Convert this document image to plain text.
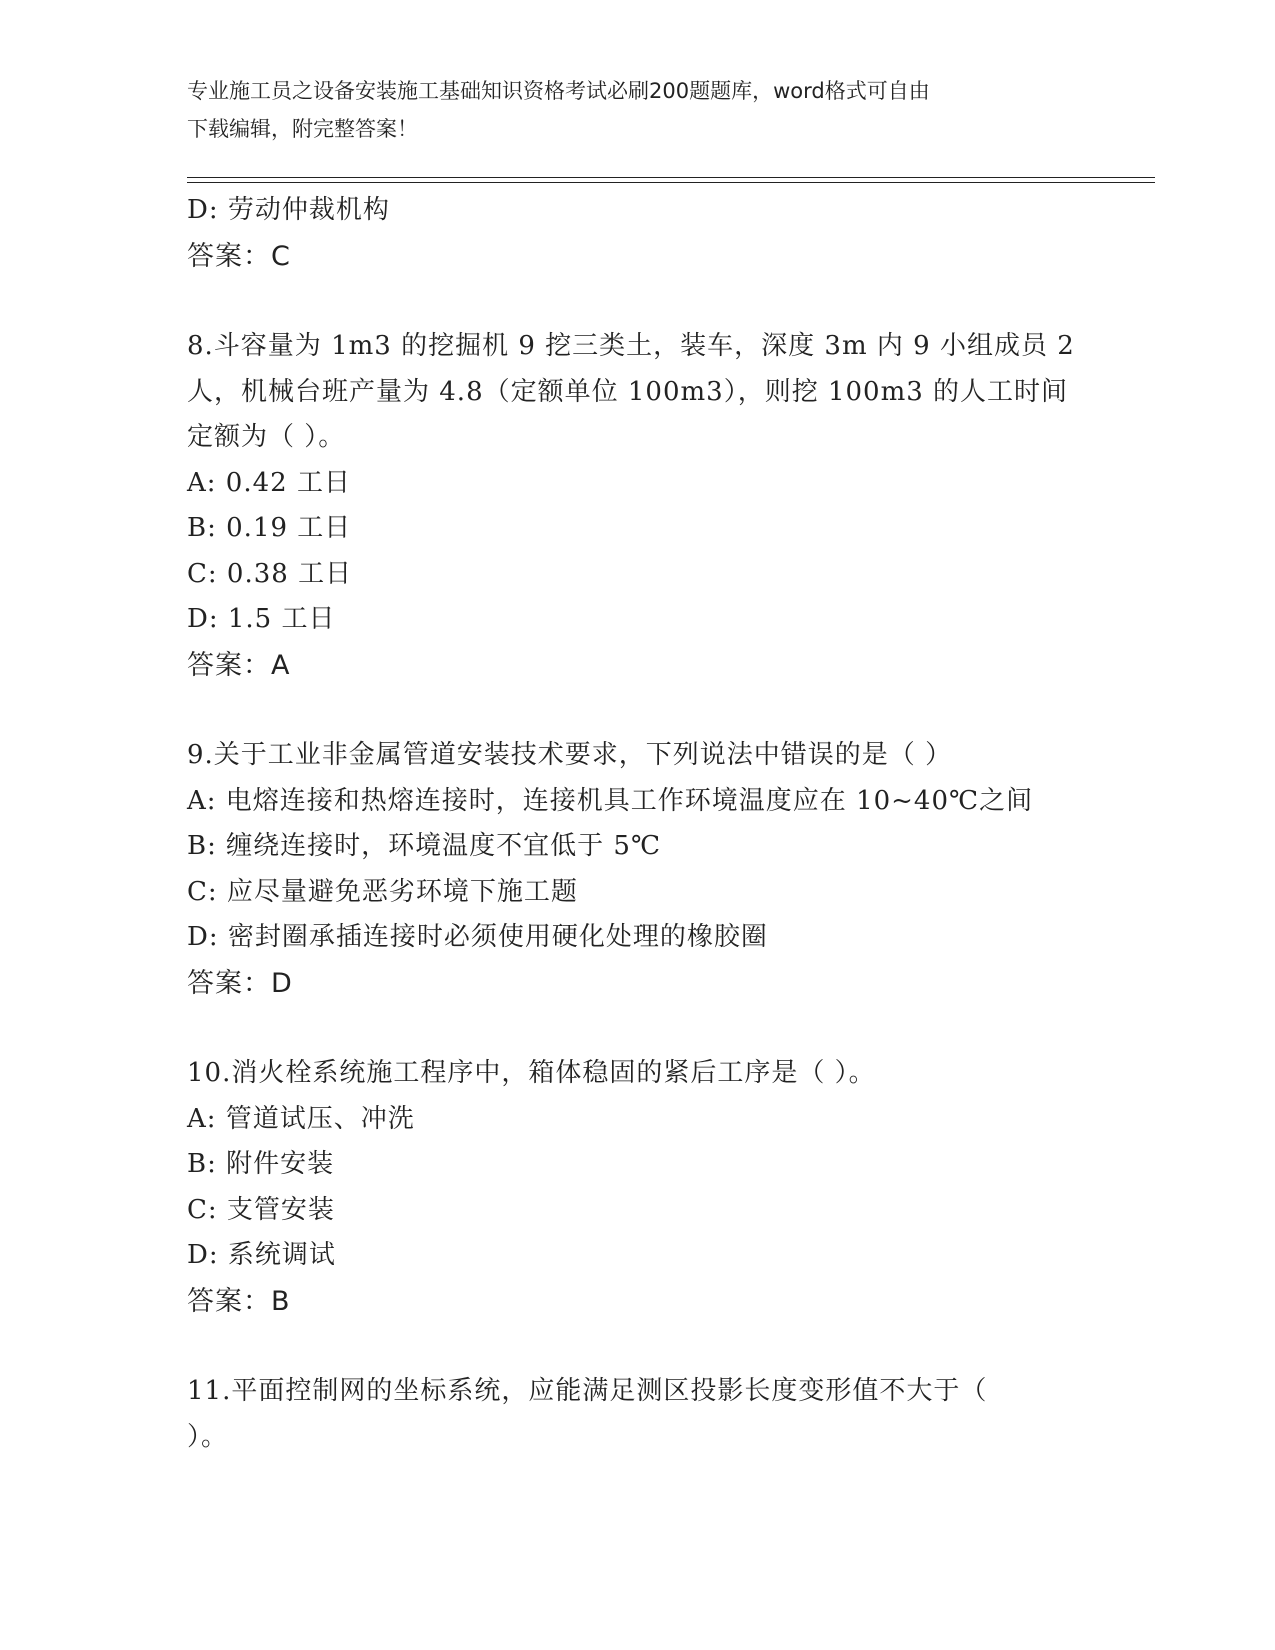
专业施工员之设备安装施工基础知识资格考试必刷200题题库，word格式可自由
下载编辑，附完整答案！
D: 劳动仲裁机构
答案：C
8.斗容量为 1m3 的挖掘机 9 挖三类土，装车，深度 3m 内 9 小组成员 2
人，机械台班产量为 4.8（定额单位 100m3），则挖 100m3 的人工时间
定额为（ ）。
A: 0.42 工日
B: 0.19 工日
C: 0.38 工日
D: 1.5 工日
答案：A
9.关于工业非金属管道安装技术要求，下列说法中错误的是（ ）
A: 电熔连接和热熔连接时，连接机具工作环境温度应在 10~40℃之间
B: 缠绕连接时，环境温度不宜低于 5℃
C: 应尽量避免恶劣环境下施工题
D: 密封圈承插连接时必须使用硬化处理的橡胶圈
答案：D
10.消火栓系统施工程序中，箱体稳固的紧后工序是（ ）。
A: 管道试压、冲洗
B: 附件安装
C: 支管安装
D: 系统调试
答案：B
11.平面控制网的坐标系统，应能满足测区投影长度变形值不大于（
）。
